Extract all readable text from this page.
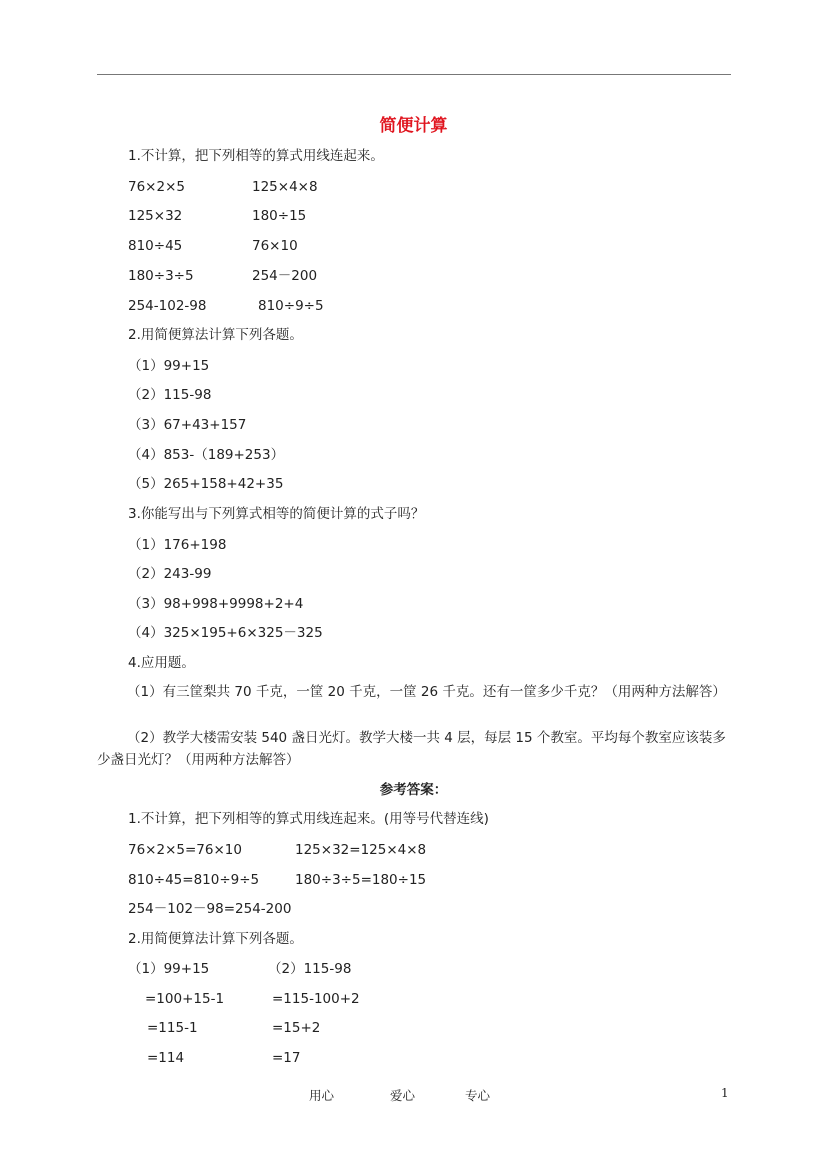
简便计算
1.不计算，把下列相等的算式用线连起来。
76×2×5	125×4×8
125×32	180÷15
810÷45	76×10
180÷3÷5	254－200
254-102-98	810÷9÷5
2.用简便算法计算下列各题。
（1）99+15
（2）115-98
（3）67+43+157
（4）853-（189+253）
（5）265+158+42+35
3.你能写出与下列算式相等的简便计算的式子吗？
（1）176+198
（2）243-99
（3）98+998+9998+2+4
（4）325×195+6×325－325
4.应用题。
（1）有三筐梨共 70 千克，一筐 20 千克，一筐 26 千克。还有一筐多少千克？（用两种方法解答）
（2）教学大楼需安装 540 盏日光灯。教学大楼一共 4 层，每层 15 个教室。平均每个教室应该装多少盏日光灯？（用两种方法解答）
参考答案：
1.不计算，把下列相等的算式用线连起来。(用等号代替连线)
76×2×5=76×10	125×32=125×4×8
810÷45=810÷9÷5	180÷3÷5=180÷15
254－102－98=254-200
2.用简便算法计算下列各题。
（1）99+15	（2）115-98
=100+15-1	=115-100+2
=115-1	=15+2
=114	=17
用心	爱心	专心	1
